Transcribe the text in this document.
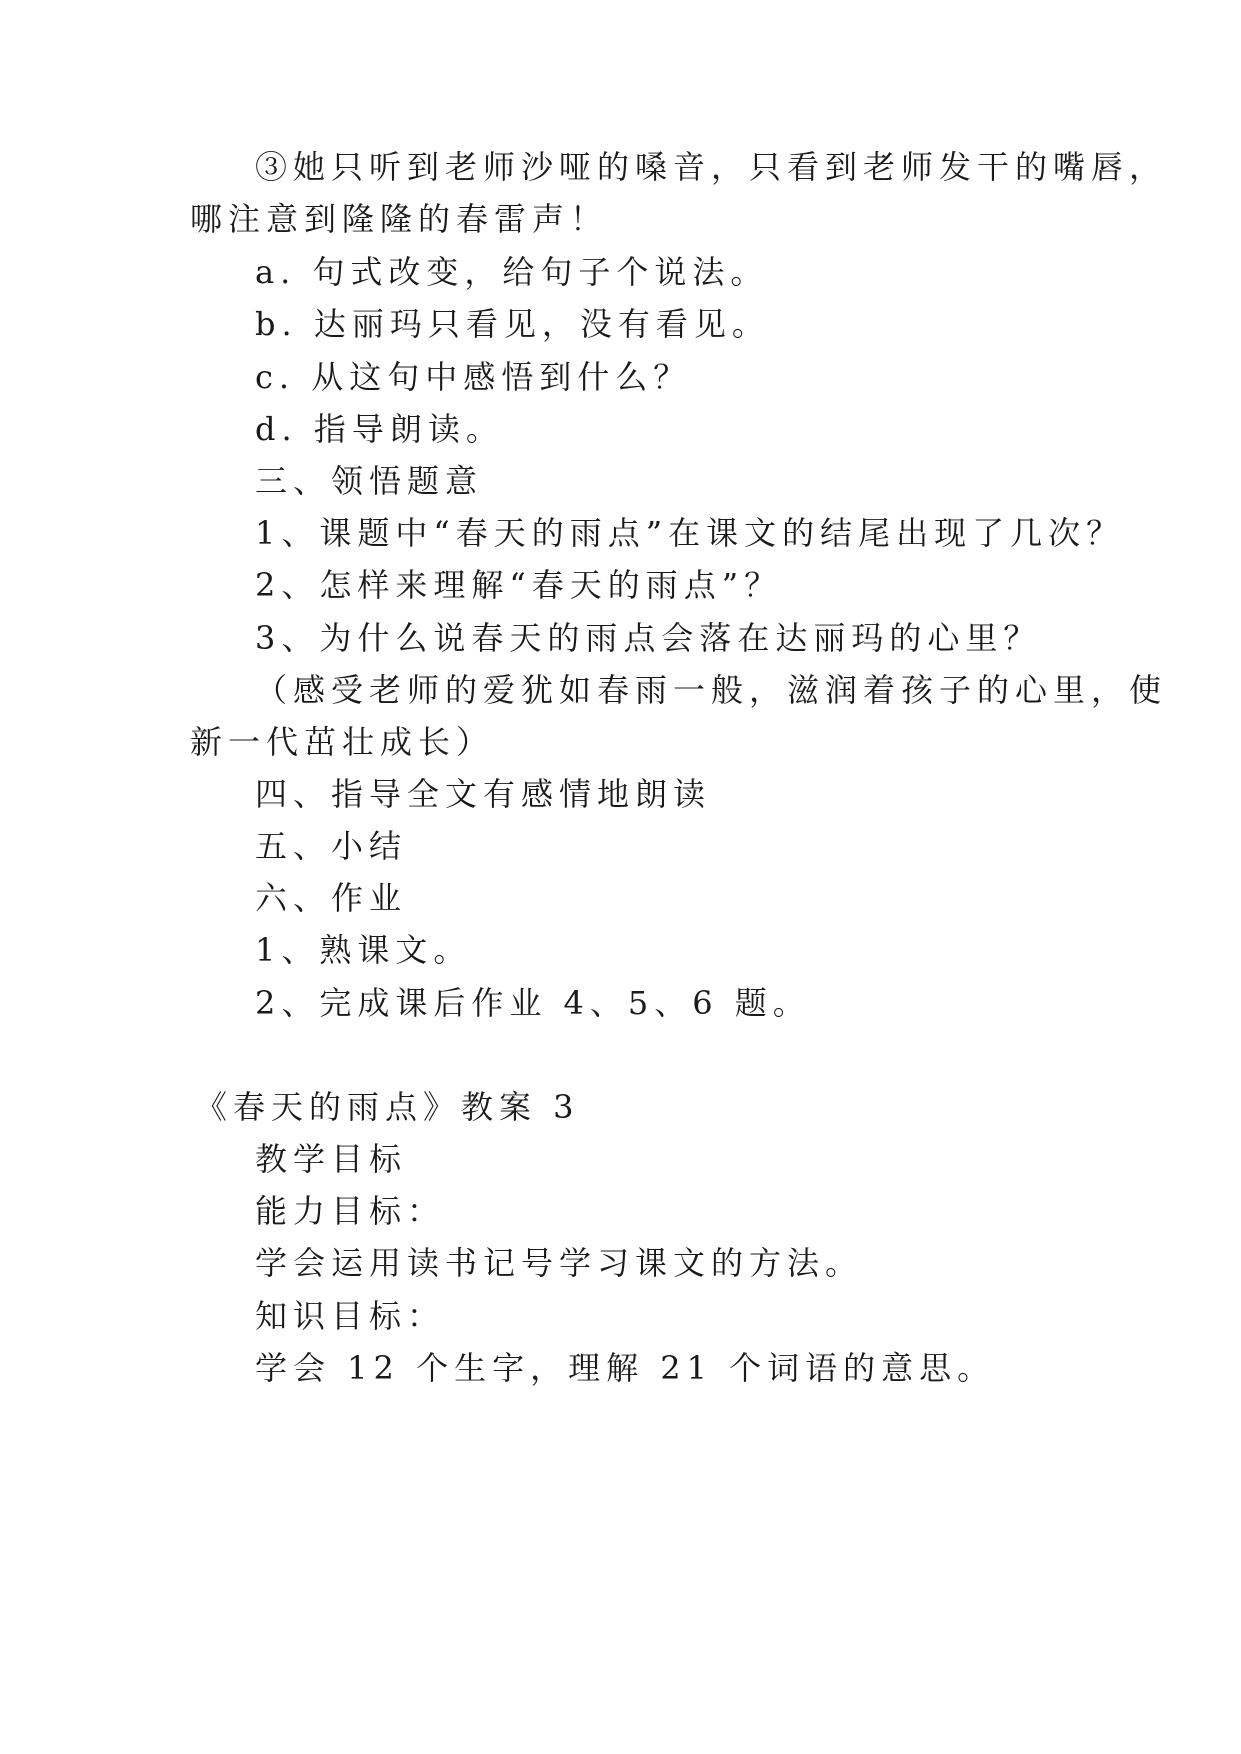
③她只听到老师沙哑的嗓音，只看到老师发干的嘴唇，
哪注意到隆隆的春雷声！
a. 句式改变，给句子个说法。
b. 达丽玛只看见，没有看见。
c. 从这句中感悟到什么？
d. 指导朗读。
三、领悟题意
1、课题中“春天的雨点”在课文的结尾出现了几次？
2、怎样来理解“春天的雨点”？
3、为什么说春天的雨点会落在达丽玛的心里？
（感受老师的爱犹如春雨一般，滋润着孩子的心里，使
新一代茁壮成长）
四、指导全文有感情地朗读
五、小结
六、作业
1、熟课文。
2、完成课后作业 4、5、6 题。
《春天的雨点》教案 3
教学目标
能力目标：
学会运用读书记号学习课文的方法。
知识目标：
学会 12 个生字，理解 21 个词语的意思。
